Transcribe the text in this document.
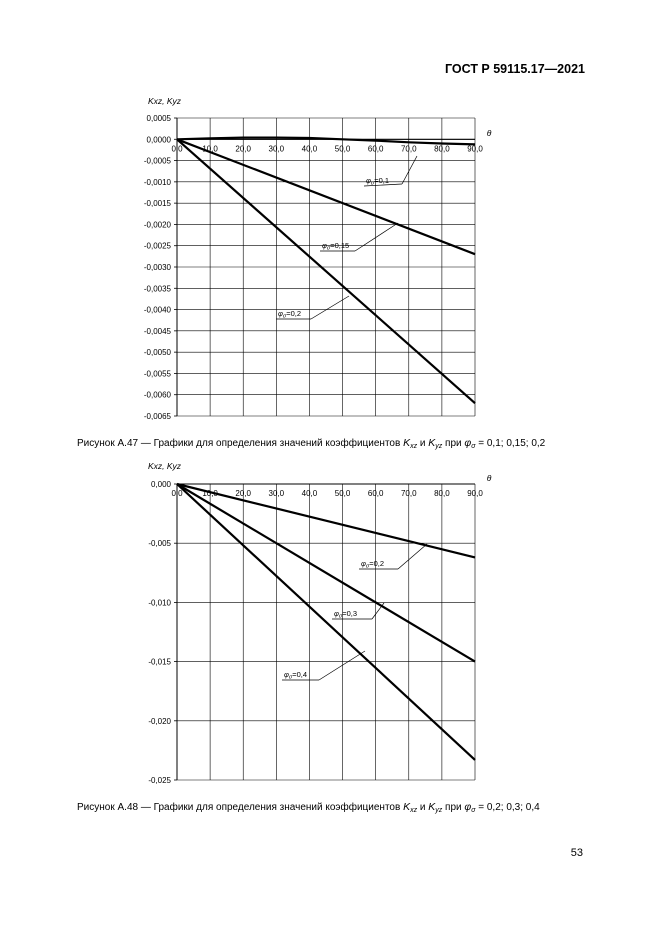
ГОСТ Р 59115.17—2021
0,0005
0,0000
-0,0005
-0,0010
-0,0015
-0,0020
-0,0025
-0,0030
-0,0035
-0,0040
-0,0045
-0,0050
-0,0055
-0,0060
-0,0065
0,0 10,0 20,0 30,0 40,0 50,0 60,0 70,0 80,0 90,0
Kxz, Kyz
θ
$\varphi_\sigma=0,1$
$\varphi_\sigma=0,15$
$\varphi_\sigma=0,2$
0,000
-0,005
-0,010
-0,015
-0,020
-0,025
0,0 10,0 20,0 30,0 40,0 50,0 60,0 70,0 80,0 90,0
Kxz, Kyz
θ
$\varphi_\sigma=0,2$
$\varphi_\sigma=0,3$
$\varphi_\sigma=0,4$
Рисунок А.47 — Графики для определения значений коэффициентов $K_{xz}$ и $K_{yz}$ при $\varphi_\sigma = 0,1$; 0,15; 0,2
Рисунок А.48 — Графики для определения значений коэффициентов $K_{xz}$ и $K_{yz}$ при $\varphi_\sigma = 0,2$; 0,3; 0,4
53
